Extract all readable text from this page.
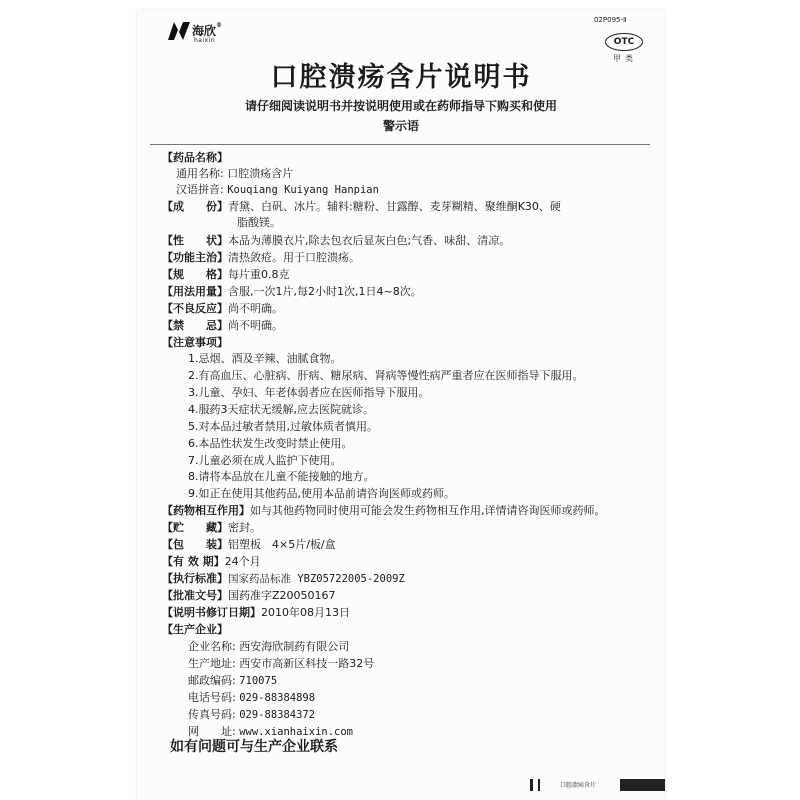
海欣®
haixin
02P095-Ⅱ
OTC
甲类
口腔溃疡含片说明书
请仔细阅读说明书并按说明使用或在药师指导下购买和使用
警示语
【药品名称】
通用名称: 口腔溃疡含片
汉语拼音: Kouqiang Kuiyang Hanpian
【成　　份】青黛、白矾、冰片。辅料:糖粉、甘露醇、麦芽糊精、聚维酮K30、硬
脂酸镁。
【性　　状】本品为薄膜衣片,除去包衣后显灰白色;气香、味甜、清凉。
【功能主治】清热敛疮。用于口腔溃疡。
【规　　格】每片重0.8克
【用法用量】含服,一次1片,每2小时1次,1日4~8次。
【不良反应】尚不明确。
【禁　　忌】尚不明确。
【注意事项】
1.忌烟、酒及辛辣、油腻食物。
2.有高血压、心脏病、肝病、糖尿病、肾病等慢性病严重者应在医师指导下服用。
3.儿童、孕妇、年老体弱者应在医师指导下服用。
4.服药3天症状无缓解,应去医院就诊。
5.对本品过敏者禁用,过敏体质者慎用。
6.本品性状发生改变时禁止使用。
7.儿童必须在成人监护下使用。
8.请将本品放在儿童不能接触的地方。
9.如正在使用其他药品,使用本品前请咨询医师或药师。
【药物相互作用】如与其他药物同时使用可能会发生药物相互作用,详情请咨询医师或药师。
【贮　　藏】密封。
【包　　装】铝塑板　4×5片/板/盒
【有 效 期】24个月
【执行标准】国家药品标准 YBZ05722005-2009Z
【批准文号】国药准字Z20050167
【说明书修订日期】2010年08月13日
【生产企业】
企业名称: 西安海欣制药有限公司
生产地址: 西安市高新区科技一路32号
邮政编码: 710075
电话号码: 029-88384898
传真号码: 029-88384372
网　　址: www.xianhaixin.com
如有问题可与生产企业联系
口腔溃疡含片
